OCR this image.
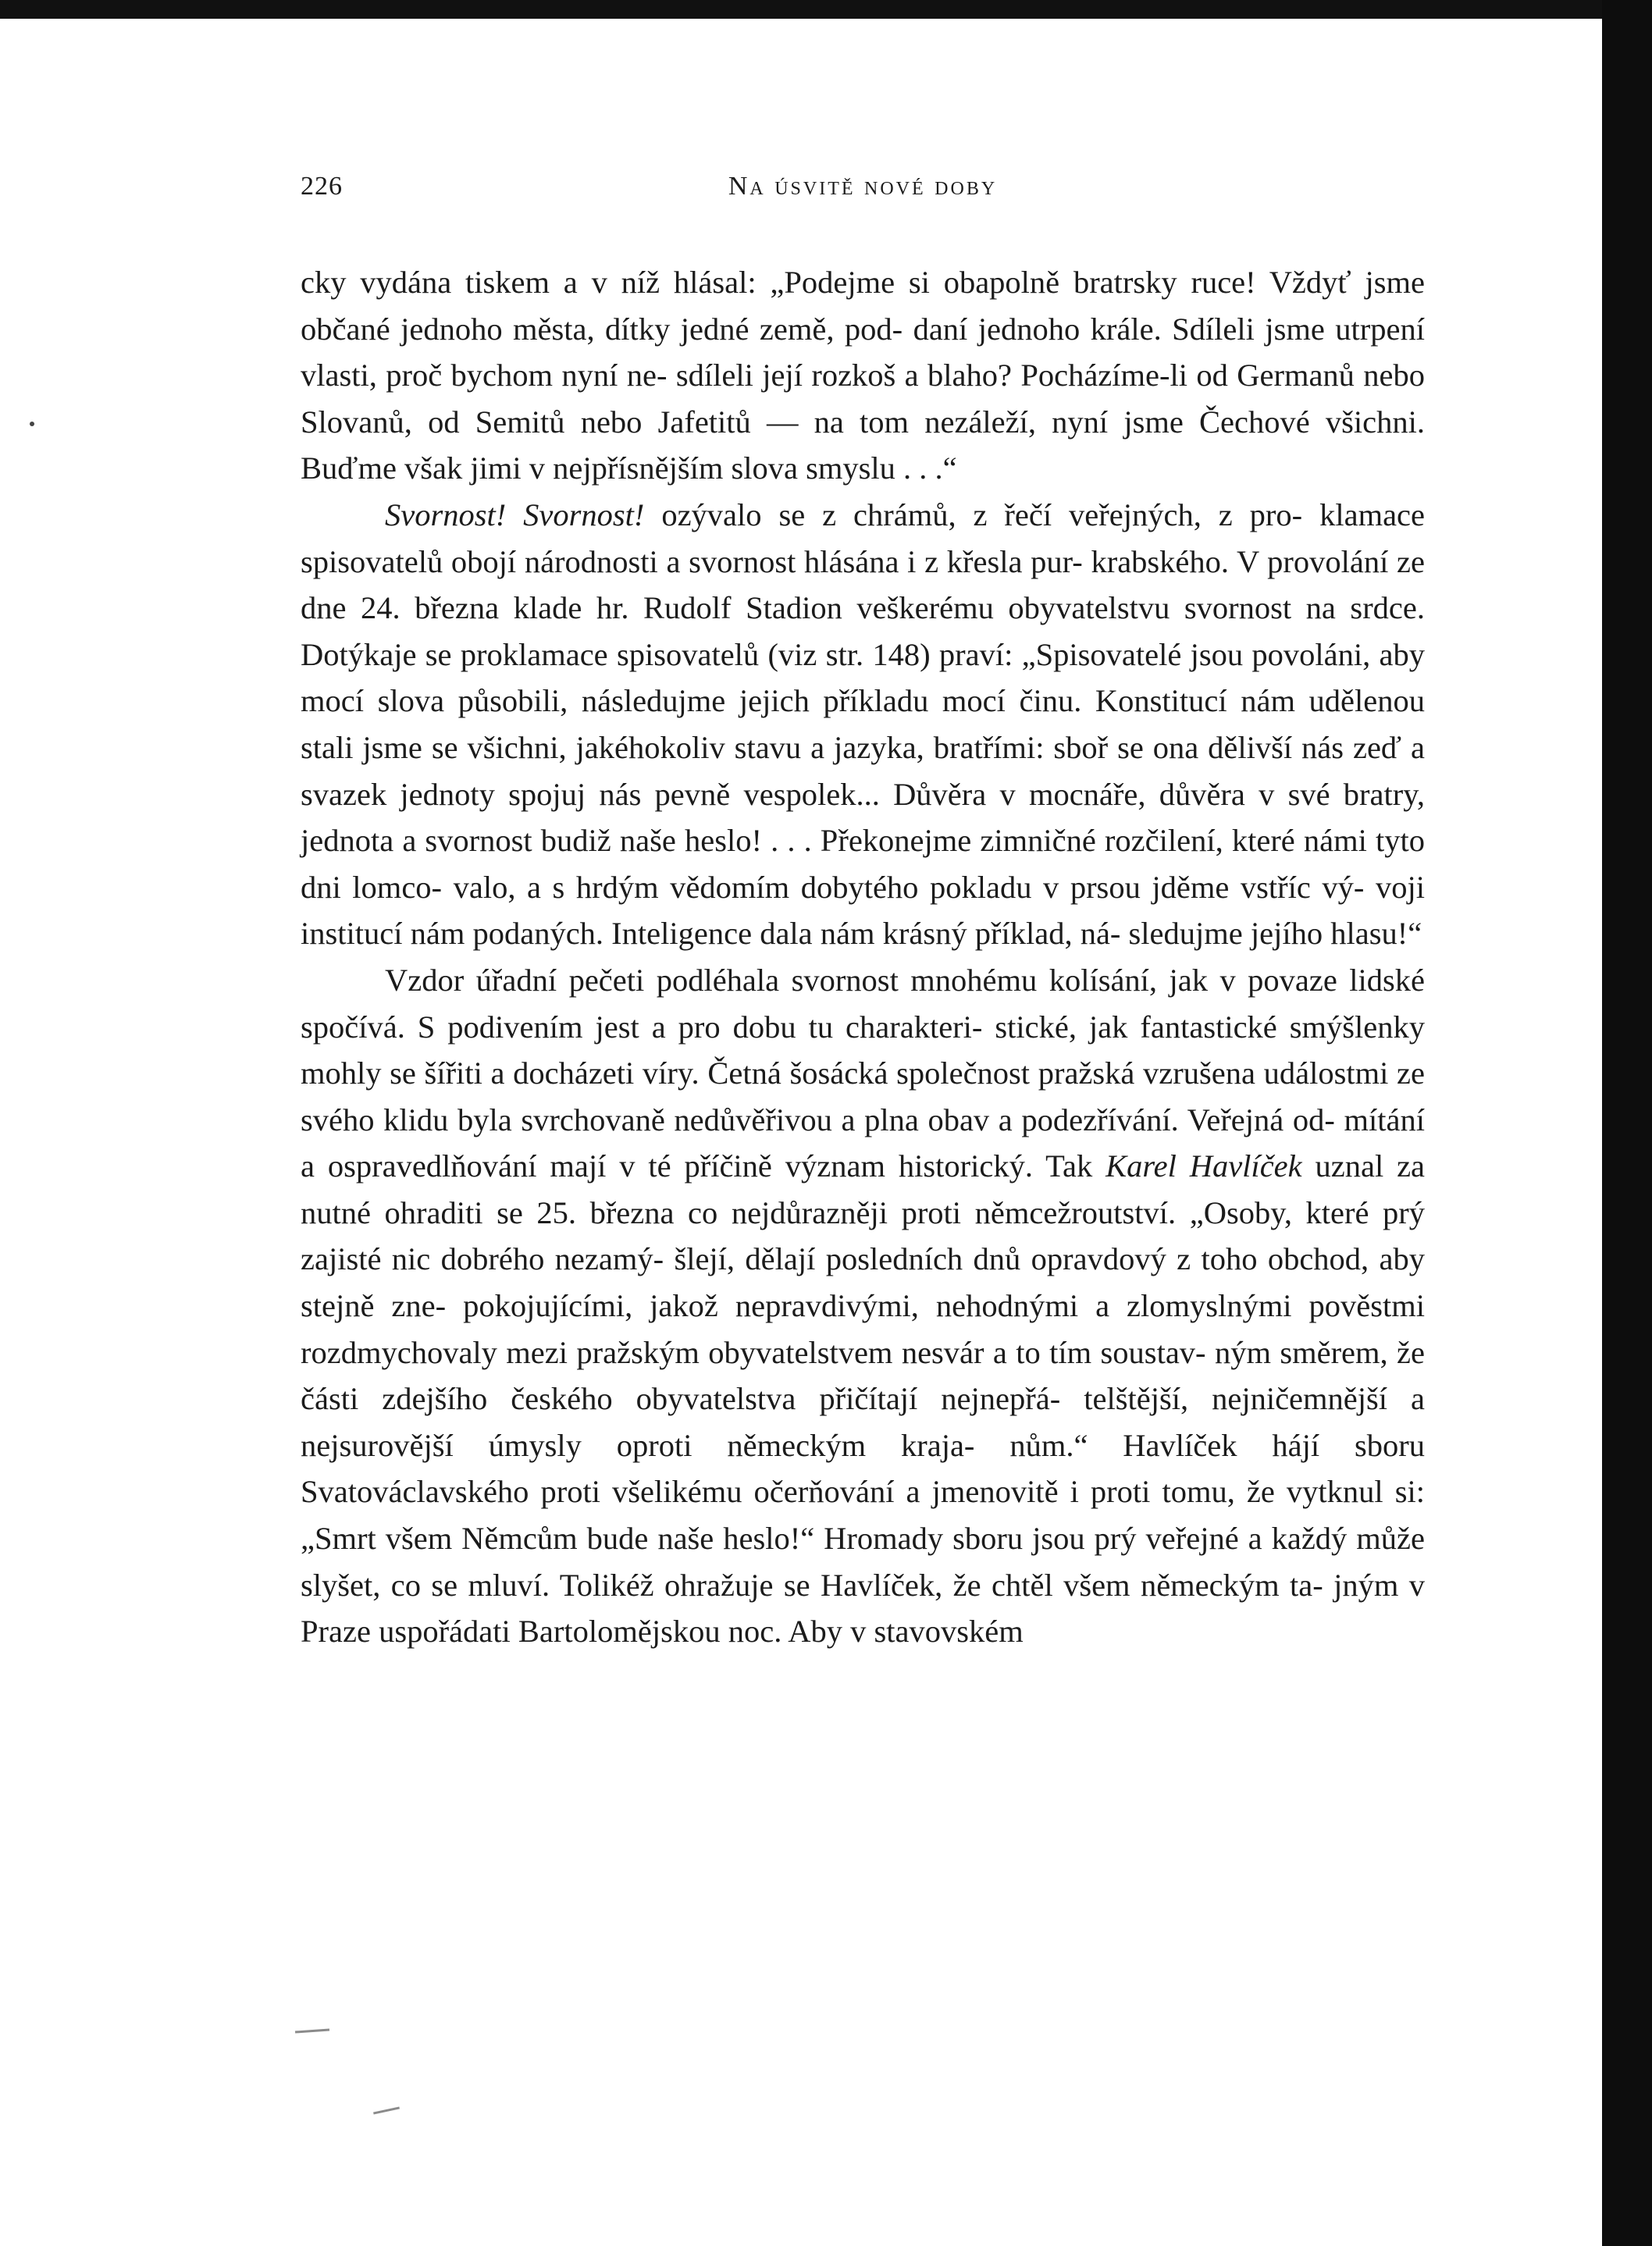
226	Na úsvitě nové doby

cky vydána tiskem a v níž hlásal: „Podejme si obapolně bratrsky ruce! Vždyť jsme občané jednoho města, dítky jedné země, pod- daní jednoho krále. Sdíleli jsme utrpení vlasti, proč bychom nyní ne- sdíleli její rozkoš a blaho? Pocházíme-li od Germanů nebo Slovanů, od Semitů nebo Jafetitů — na tom nezáleží, nyní jsme Čechové všichni. Buďme však jimi v nejpřísnějším slova smyslu . . .“

Svornost! Svornost! ozývalo se z chrámů, z řečí veřejných, z pro- klamace spisovatelů obojí národnosti a svornost hlásána i z křesla pur- krabského. V provolání ze dne 24. března klade hr. Rudolf Stadion veškerému obyvatelstvu svornost na srdce. Dotýkaje se proklamace spisovatelů (viz str. 148) praví: „Spisovatelé jsou povoláni, aby mocí slova působili, následujme jejich příkladu mocí činu. Konstitucí nám udělenou stali jsme se všichni, jakéhokoliv stavu a jazyka, bratřími: sboř se ona dělivší nás zeď a svazek jednoty spojuj nás pevně vespolek... Důvěra v mocnáře, důvěra v své bratry, jednota a svornost budiž naše heslo! . . . Překonejme zimničné rozčilení, které námi tyto dni lomco- valo, a s hrdým vědomím dobytého pokladu v prsou jděme vstříc vý- voji institucí nám podaných. Inteligence dala nám krásný příklad, ná- sledujme jejího hlasu!“

Vzdor úřadní pečeti podléhala svornost mnohému kolísání, jak v povaze lidské spočívá. S podivením jest a pro dobu tu charakteri- stické, jak fantastické smýšlenky mohly se šířiti a docházeti víry. Četná šosácká společnost pražská vzrušena událostmi ze svého klidu byla svrchovaně nedůvěřivou a plna obav a podezřívání. Veřejná od- mítání a ospravedlňování mají v té příčině význam historický. Tak Karel Havlíček uznal za nutné ohraditi se 25. března co nejdůrazněji proti němcežroutství. „Osoby, které prý zajisté nic dobrého nezamý- šlejí, dělají posledních dnů opravdový z toho obchod, aby stejně zne- pokojujícími, jakož nepravdivými, nehodnými a zlomyslnými pověstmi rozdmychovaly mezi pražským obyvatelstvem nesvár a to tím soustav- ným směrem, že části zdejšího českého obyvatelstva přičítají nejnepřá- telštější, nejničemnější a nejsurovější úmysly oproti německým kraja- nům.“ Havlíček hájí sboru Svatováclavského proti všelikému očerňování a jmenovitě i proti tomu, že vytknul si: „Smrt všem Němcům bude naše heslo!“ Hromady sboru jsou prý veřejné a každý může slyšet, co se mluví. Tolikéž ohražuje se Havlíček, že chtěl všem německým ta- jným v Praze uspořádati Bartolomějskou noc. Aby v stavovském
